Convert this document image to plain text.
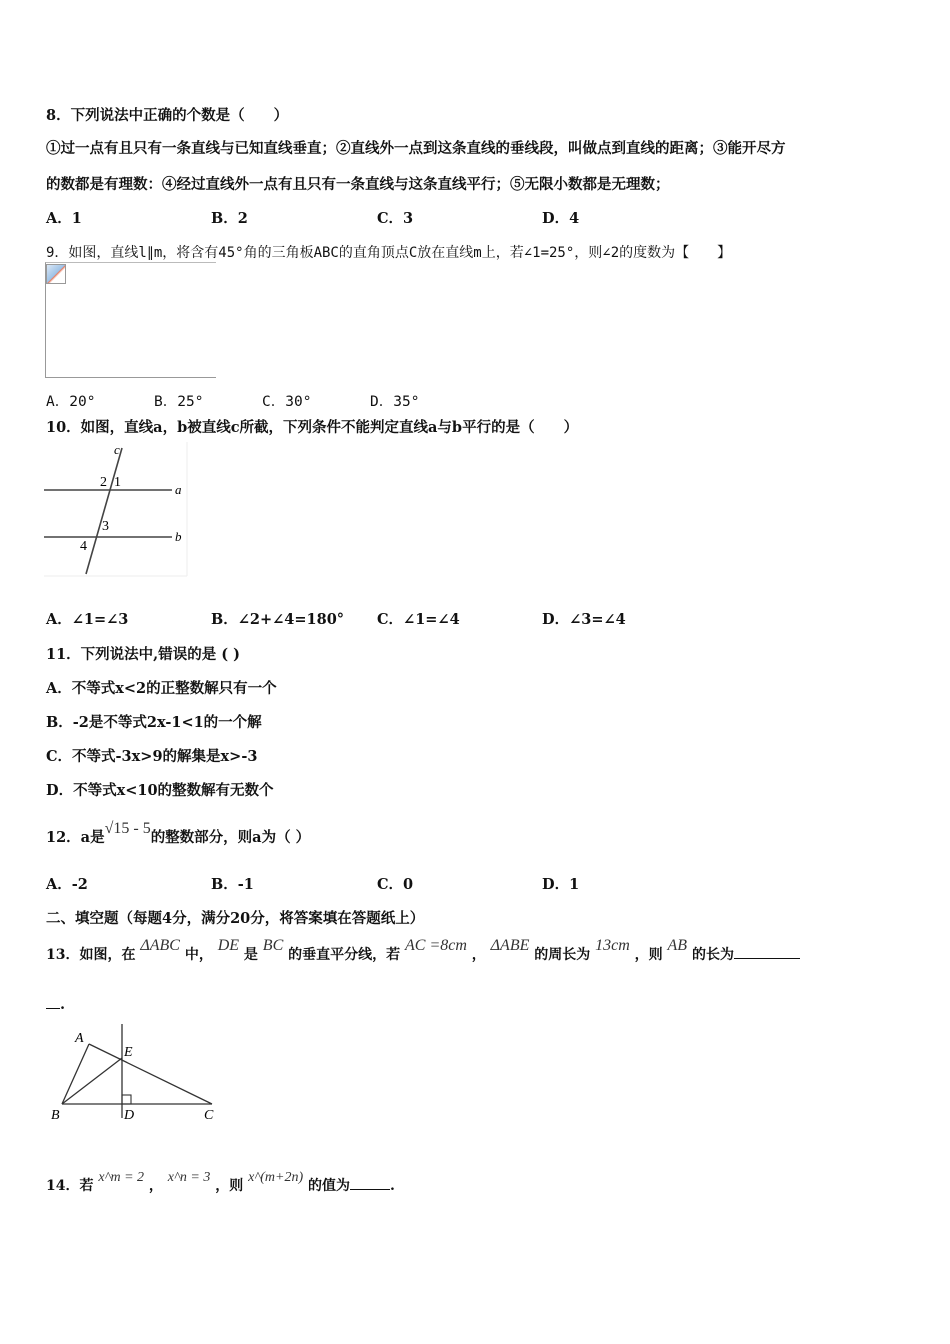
8．下列说法中正确的个数是（　　）
①过一点有且只有一条直线与已知直线垂直；②直线外一点到这条直线的垂线段，叫做点到直线的距离；③能开尽方
的数都是有理数：④经过直线外一点有且只有一条直线与这条直线平行；⑤无限小数都是无理数；
A．1	B．2	C．3	D．4
9．如图，直线l∥m，将含有45°角的三角板ABC的直角顶点C放在直线m上，若∠1=25°，则∠2的度数为【　　】
A．20°	B．25°	C．30°	D．35°
10．如图，直线a，b被直线c所截，下列条件不能判定直线a与b平行的是（　　）
c
2 1	a
3
4
b
A．∠1=∠3	B．∠2+∠4=180° C．∠1=∠4	D．∠3=∠4
11．下列说法中,错误的是 ( )
A．不等式x<2的正整数解只有一个
B．-2是不等式2x-1<1的一个解
C．不等式-3x>9的解集是x>-3
D．不等式x<10的整数解有无数个
12．a是√15 - 5的整数部分，则a为（ ）
A．-2	B．-1	C．0	D．1
二、填空题（每题4分，满分20分，将答案填在答题纸上）
13．如图，在 ΔABC 中， DE 是 BC 的垂直平分线，若 AC =8cm ， ΔABE 的周长为 13cm ，则 AB 的长为
.
A
E
B	D	C
14．若 x^m = 2 ， x^n = 3 ，则 x^(m+2n) 的值为	.
